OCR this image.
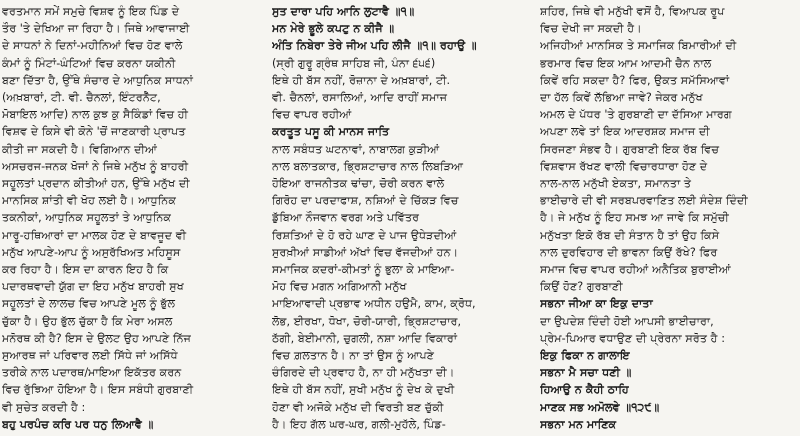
ਵਰਤਮਾਨ ਸਮੇਂ ਸਮੁਚੇ ਵਿਸ਼ਵ ਨੂੰ ਇਕ ਪਿੰਡ ਦੇ
ਤੌਰ 'ਤੇ ਦੇਖਿਆ ਜਾ ਰਿਹਾ ਹੈ। ਜਿਥੇ ਆਵਾਜਾਈ
ਦੇ ਸਾਧਨਾਂ ਨੇ ਦਿਨਾਂ-ਮਹੀਨਿਆਂ ਵਿਚ ਹੋਣ ਵਾਲੇ
ਕੰਮਾਂ ਨੂੰ ਮਿੰਟਾਂ-ਘੰਟਿਆਂ ਵਿਚ ਕਰਨਾ ਯਕੀਨੀ
ਬਣਾ ਦਿੱਤਾ ਹੈ, ਉੱਥੇ ਸੰਚਾਰ ਦੇ ਆਧੁਨਿਕ ਸਾਧਨਾਂ
(ਅਖ਼ਬਾਰਾਂ, ਟੀ. ਵੀ. ਚੈਨਲਾਂ, ਇੰਟਰਨੈੱਟ,
ਮੋਬਾਇਲ ਆਦਿ) ਨਾਲ ਕੁਝ ਕੁ ਸੈਕਿੰਡਾਂ ਵਿਚ ਹੀ
ਵਿਸ਼ਵ ਦੇ ਕਿਸੇ ਵੀ ਕੋਨੇ 'ਚੋਂ ਜਾਣਕਾਰੀ ਪ੍ਰਾਪਤ
ਕੀਤੀ ਜਾ ਸਕਦੀ ਹੈ। ਵਿਗਿਆਨ ਦੀਆਂ
ਅਸਚਰਜ-ਜਨਕ ਖੋਜਾਂ ਨੇ ਜਿਥੇ ਮਨੁੱਖ ਨੂੰ ਬਾਹਰੀ
ਸਹੂਲਤਾਂ ਪ੍ਰਦਾਨ ਕੀਤੀਆਂ ਹਨ, ਉੱਥੇ ਮਨੁੱਖ ਦੀ
ਮਾਨਸਿਕ ਸ਼ਾਂਤੀ ਵੀ ਖੋਹ ਲਈ ਹੈ। ਆਧੁਨਿਕ
ਤਕਨੀਕਾਂ, ਆਧੁਨਿਕ ਸਹੂਲਤਾਂ ਤੇ ਆਧੁਨਿਕ
ਮਾਰੂ-ਹਥਿਆਰਾਂ ਦਾ ਮਾਲਕ ਹੋਣ ਦੇ ਬਾਵਜੂਦ ਵੀ
ਮਨੁੱਖ ਆਪਣੇ-ਆਪ ਨੂੰ ਅਸੁਰੱਖਿਅਤ ਮਹਿਸੂਸ
ਕਰ ਰਿਹਾ ਹੈ। ਇਸ ਦਾ ਕਾਰਨ ਇਹ ਹੈ ਕਿ
ਪਦਾਰਥਵਾਦੀ ਯੁੱਗ ਦਾ ਇਹ ਮਨੁੱਖ ਬਾਹਰੀ ਸੁਖ
ਸਹੂਲਤਾਂ ਦੇ ਲਾਲਚ ਵਿਚ ਆਪਣੇ ਮੂਲ ਨੂੰ ਭੁੱਲ
ਚੁੱਕਾ ਹੈ। ਉਹ ਭੁੱਲ ਚੁੱਕਾ ਹੈ ਕਿ ਮੇਰਾ ਅਸਲ
ਮਨੋਰਥ ਕੀ ਹੈ? ਇਸ ਦੇ ਉਲਟ ਉਹ ਆਪਣੇ ਨਿੱਜ
ਸੁਆਰਥ ਜਾਂ ਪਰਿਵਾਰ ਲਈ ਸਿੱਧੇ ਜਾਂ ਅਸਿੱਧੇ
ਤਰੀਕੇ ਨਾਲ ਪਦਾਰਥ/ਮਾਇਆ ਇਕੱਤਰ ਕਰਨ
ਵਿਚ ਰੁੱਝਿਆ ਹੋਇਆ ਹੈ। ਇਸ ਸਬੰਧੀ ਗੁਰਬਾਣੀ
ਵੀ ਸੁਚੇਤ ਕਰਦੀ ਹੈ :
ਬਹੁ ਪਰਪੰਚ ਕਰਿ ਪਰ ਧਨੁ ਲਿਆਵੈ ॥
ਸੁਤ ਦਾਰਾ ਪਹਿ ਆਨਿ ਲੁਟਾਵੈ ॥੧॥
ਮਨ ਮੇਰੇ ਭੂਲੇ ਕਪਟੁ ਨ ਕੀਜੈ ॥
ਅੰਤਿ ਨਿਬੇਰਾ ਤੇਰੇ ਜੀਅ ਪਹਿ ਲੀਜੈ ॥੧॥ ਰਹਾਉ ॥
(ਸ੍ਰੀ ਗੁਰੂ ਗ੍ਰੰਥ ਸਾਹਿਬ ਜੀ, ਪੰਨਾ ੬੫੬)
ਇਥੇ ਹੀ ਬੱਸ ਨਹੀਂ, ਰੋਜ਼ਾਨਾ ਦੇ ਅਖ਼ਬਾਰਾਂ, ਟੀ.
ਵੀ. ਚੈਨਲਾਂ, ਰਸਾਲਿਆਂ, ਆਦਿ ਰਾਹੀਂ ਸਮਾਜ
ਵਿਚ ਵਾਪਰ ਰਹੀਆਂ
ਕਰਤੂਤ ਪਸੂ ਕੀ ਮਾਨਸ ਜਾਤਿ
ਨਾਲ ਸਬੰਧਤ ਘਟਨਾਵਾਂ, ਨਾਬਾਲਗ ਕੁੜੀਆਂ
ਨਾਲ ਬਲਾਤਕਾਰ, ਭ੍ਰਿਸ਼ਟਾਚਾਰ ਨਾਲ ਲਿਬੜਿਆ
ਹੋਇਆ ਰਾਜਨੀਤਕ ਢਾਂਚਾ, ਚੋਰੀ ਕਰਨ ਵਾਲੇ
ਗਿਰੋਹ ਦਾ ਪਰਦਾਫਾਸ਼, ਨਸ਼ਿਆਂ ਦੇ ਚਿੱਕੜ ਵਿਚ
ਡੁੱਬਿਆ ਨੌਜਵਾਨ ਵਰਗ ਅਤੇ ਪਵਿੱਤਰ
ਰਿਸ਼ਤਿਆਂ ਦੇ ਹੋ ਰਹੇ ਘਾਣ ਦੇ ਪਾਜ ਉਧੇੜਦੀਆਂ
ਸੁਰਖ਼ੀਆਂ ਸਾਡੀਆਂ ਅੱਖਾਂ ਵਿਚ ਵੱਜਦੀਆਂ ਹਨ।
ਸਮਾਜਿਕ ਕਦਰਾਂ-ਕੀਮਤਾਂ ਨੂੰ ਭੁਲਾ ਕੇ ਮਾਇਆ-
ਮੋਹ ਵਿਚ ਮਗਨ ਅਗਿਆਨੀ ਮਨੁੱਖ
ਮਾਇਆਵਾਦੀ ਪ੍ਰਭਾਵ ਅਧੀਨ ਹਉਮੈ, ਕਾਮ, ਕ੍ਰੋਧ,
ਲੋਭ, ਈਰਖਾ, ਧੋਖਾ, ਚੋਰੀ-ਯਾਰੀ, ਭ੍ਰਿਸ਼ਟਾਚਾਰ,
ਠੱਗੀ, ਬੇਈਮਾਨੀ, ਚੁਗਲੀ, ਨਸ਼ਾ ਆਦਿ ਵਿਕਾਰਾਂ
ਵਿਚ ਗ਼ਲਤਾਨ ਹੈ। ਨਾ ਤਾਂ ਉਸ ਨੂੰ ਆਪਣੇ
ਚੰਗਿਰਦੇ ਦੀ ਪ੍ਰਵਾਹ ਹੈ, ਨਾ ਹੀ ਮਨੁੱਖਤਾ ਦੀ।
ਇਥੇ ਹੀ ਬੱਸ ਨਹੀਂ, ਸੁਖੀ ਮਨੁੱਖ ਨੂੰ ਦੇਖ ਕੇ ਦੁਖੀ
ਹੋਣਾ ਵੀ ਅਜੋਕੇ ਮਨੁੱਖ ਦੀ ਵਿਰਤੀ ਬਣ ਚੁੱਕੀ
ਹੈ। ਇਹ ਗੱਲ ਘਰ-ਘਰ, ਗਲੀ-ਮੁਹੱਲੇ, ਪਿੰਡ-
ਸ਼ਹਿਰ, ਜਿਥੇ ਵੀ ਮਨੁੱਖੀ ਵਸੋਂ ਹੈ, ਵਿਆਪਕ ਰੂਪ
ਵਿਚ ਦੇਖੀ ਜਾ ਸਕਦੀ ਹੈ।
ਅਜਿਹੀਆਂ ਮਾਨਸਿਕ ਤੇ ਸਮਾਜਿਕ ਬਿਮਾਰੀਆਂ ਦੀ
ਭਰਮਾਰ ਵਿਚ ਇਕ ਆਮ ਆਦਮੀ ਚੈਨ ਨਾਲ
ਕਿਵੇਂ ਰਹਿ ਸਕਦਾ ਹੈ? ਫਿਰ, ਉਕਤ ਸਮੱਸਿਆਵਾਂ
ਦਾ ਹੱਲ ਕਿਵੇਂ ਲੱਭਿਆ ਜਾਵੇ? ਜੇਕਰ ਮਨੁੱਖ
ਅਮਲ ਦੇ ਪੱਧਰ 'ਤੇ ਗੁਰਬਾਣੀ ਦਾ ਦੱਸਿਆ ਮਾਰਗ
ਅਪਣਾ ਲਵੇ ਤਾਂ ਇਕ ਆਦਰਸ਼ਕ ਸਮਾਜ ਦੀ
ਸਿਰਜਣਾ ਸੰਭਵ ਹੈ। ਗੁਰਬਾਣੀ ਇਕ ਰੱਬ ਵਿਚ
ਵਿਸ਼ਵਾਸ ਰੱਖਣ ਵਾਲੀ ਵਿਚਾਰਧਾਰਾ ਹੋਣ ਦੇ
ਨਾਲ-ਨਾਲ ਮਨੁੱਖੀ ਏਕਤਾ, ਸਮਾਨਤਾ ਤੇ
ਭਾਈਚਾਰੇ ਦੀ ਵੀ ਸਰਬਪਰਵਾਣਿਤ ਲਈ ਸੰਦੇਸ਼ ਦਿੰਦੀ
ਹੈ। ਜੇ ਮਨੁੱਖ ਨੂੰ ਇਹ ਸਮਝ ਆ ਜਾਵੇ ਕਿ ਸਮੁੱਚੀ
ਮਨੁੱਖਤਾ ਇਕੋ ਰੱਬ ਦੀ ਸੰਤਾਨ ਹੈ ਤਾਂ ਉਹ ਕਿਸੇ
ਨਾਲ ਦੁਰਵਿਹਾਰ ਦੀ ਭਾਵਨਾ ਕਿਉਂ ਰੱਖੇ? ਫਿਰ
ਸਮਾਜ ਵਿਚ ਵਾਪਰ ਰਹੀਆਂ ਅਨੈਤਿਕ ਬੁਰਾਈਆਂ
ਕਿਉਂ ਹੋਣ? ਗੁਰਬਾਣੀ
ਸਭਨਾ ਜੀਆ ਕਾ ਇਕੁ ਦਾਤਾ
ਦਾ ਉਪਦੇਸ਼ ਦਿੰਦੀ ਹੋਈ ਆਪਸੀ ਭਾਈਚਾਰਾ,
ਪ੍ਰੇਮ-ਪਿਆਰ ਵਧਾਉਣ ਦੀ ਪ੍ਰੇਰਨਾ ਸਰੋਤ ਹੈ :
ਇਕੁ ਫਿਕਾ ਨ ਗਾਲਾਇ
ਸਭਨਾ ਮੈ ਸਚਾ ਧਣੀ ॥
ਹਿਆਉ ਨ ਕੈਹੀ ਠਾਹਿ
ਮਾਣਕ ਸਭ ਅਮੋਲਵੇ ॥੧੨੯॥
ਸਭਨਾ ਮਨ ਮਾਣਿਕ
